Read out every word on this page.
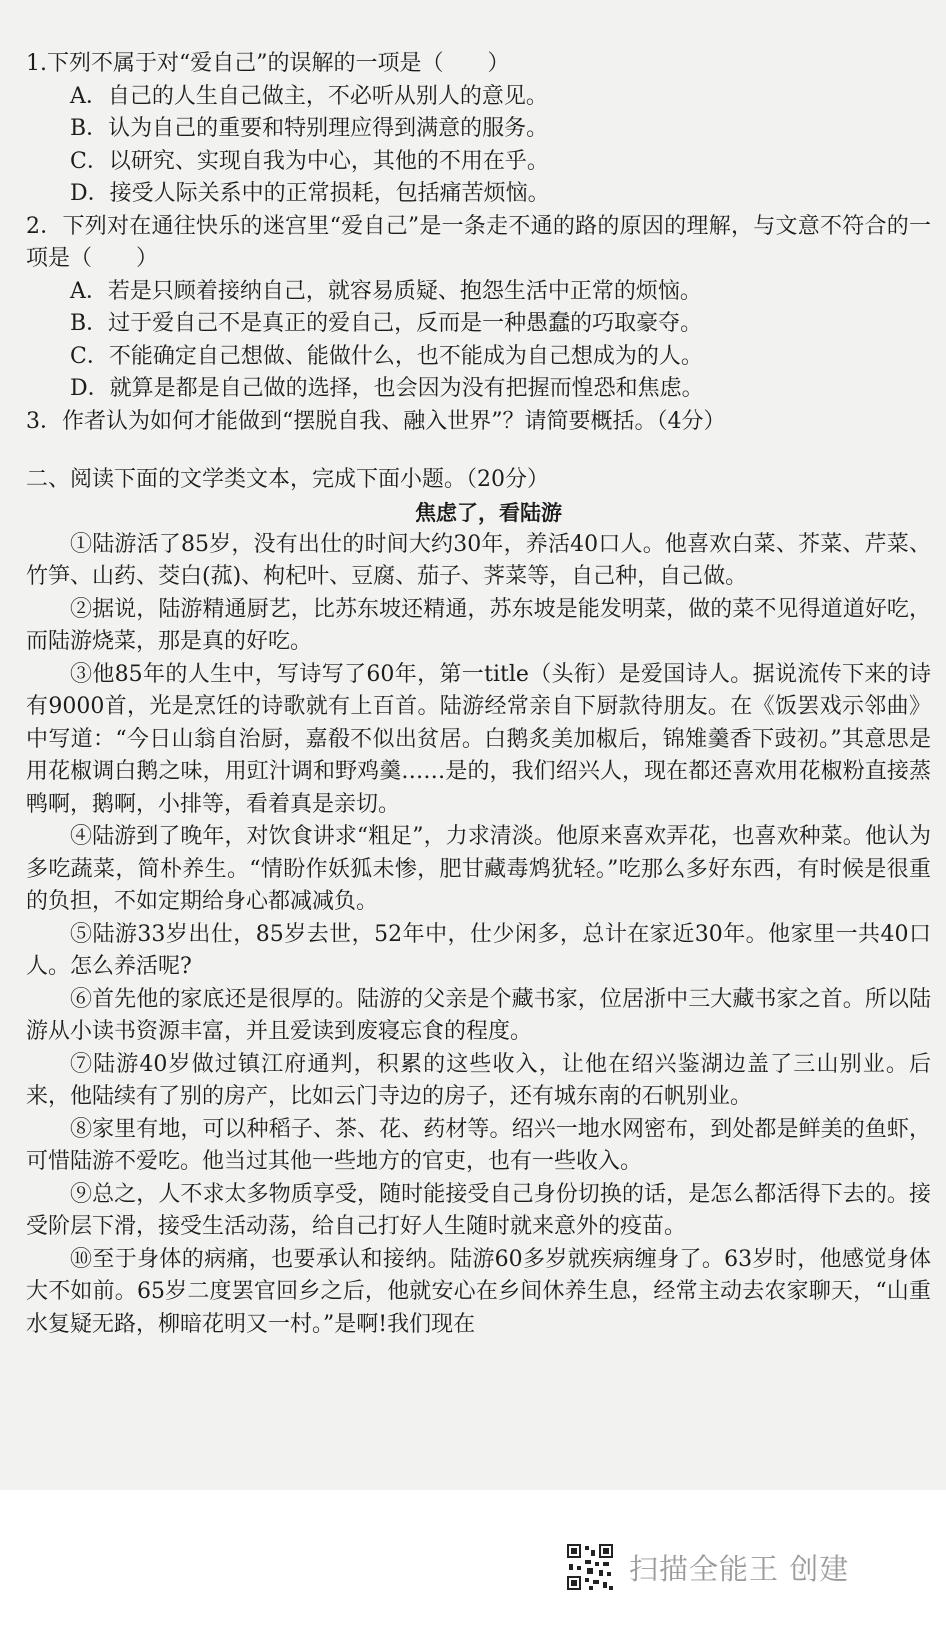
1.下列不属于对“爱自己”的误解的一项是（　　）
A．自己的人生自己做主，不必听从别人的意见。
B．认为自己的重要和特别理应得到满意的服务。
C．以研究、实现自我为中心，其他的不用在乎。
D．接受人际关系中的正常损耗，包括痛苦烦恼。
2．下列对在通往快乐的迷宫里“爱自己”是一条走不通的路的原因的理解，与文意不符合的一项是（　　）
A．若是只顾着接纳自己，就容易质疑、抱怨生活中正常的烦恼。
B．过于爱自己不是真正的爱自己，反而是一种愚蠢的巧取豪夺。
C．不能确定自己想做、能做什么，也不能成为自己想成为的人。
D．就算是都是自己做的选择，也会因为没有把握而惶恐和焦虑。
3．作者认为如何才能做到“摆脱自我、融入世界”？请简要概括。（4分）
二、阅读下面的文学类文本，完成下面小题。（20分）
焦虑了，看陆游
①陆游活了85岁，没有出仕的时间大约30年，养活40口人。他喜欢白菜、芥菜、芹菜、竹笋、山药、茭白(菰)、枸杞叶、豆腐、茄子、荠菜等，自己种，自己做。
②据说，陆游精通厨艺，比苏东坡还精通，苏东坡是能发明菜，做的菜不见得道道好吃，而陆游烧菜，那是真的好吃。
③他85年的人生中，写诗写了60年，第一title（头衔）是爱国诗人。据说流传下来的诗有9000首，光是烹饪的诗歌就有上百首。陆游经常亲自下厨款待朋友。在《饭罢戏示邻曲》中写道：“今日山翁自治厨，嘉殽不似出贫居。白鹅炙美加椒后，锦雉羹香下豉初。”其意思是用花椒调白鹅之味，用豇汁调和野鸡羹……是的，我们绍兴人，现在都还喜欢用花椒粉直接蒸鸭啊，鹅啊，小排等，看着真是亲切。
④陆游到了晚年，对饮食讲求“粗足”，力求清淡。他原来喜欢弄花，也喜欢种菜。他认为多吃蔬菜，简朴养生。“情盼作妖狐未惨，肥甘藏毒鸩犹轻。”吃那么多好东西，有时候是很重的负担，不如定期给身心都减减负。
⑤陆游33岁出仕，85岁去世，52年中，仕少闲多，总计在家近30年。他家里一共40口人。怎么养活呢?
⑥首先他的家底还是很厚的。陆游的父亲是个藏书家，位居浙中三大藏书家之首。所以陆游从小读书资源丰富，并且爱读到废寝忘食的程度。
⑦陆游40岁做过镇江府通判，积累的这些收入，让他在绍兴鉴湖边盖了三山别业。后来，他陆续有了别的房产，比如云门寺边的房子，还有城东南的石帆别业。
⑧家里有地，可以种稻子、茶、花、药材等。绍兴一地水网密布，到处都是鲜美的鱼虾，可惜陆游不爱吃。他当过其他一些地方的官吏，也有一些收入。
⑨总之，人不求太多物质享受，随时能接受自己身份切换的话，是怎么都活得下去的。接受阶层下滑，接受生活动荡，给自己打好人生随时就来意外的疫苗。
⑩至于身体的病痛，也要承认和接纳。陆游60多岁就疾病缠身了。63岁时，他感觉身体大不如前。65岁二度罢官回乡之后，他就安心在乡间休养生息，经常主动去农家聊天，“山重水复疑无路，柳暗花明又一村。”是啊!我们现在
扫描全能王 创建
